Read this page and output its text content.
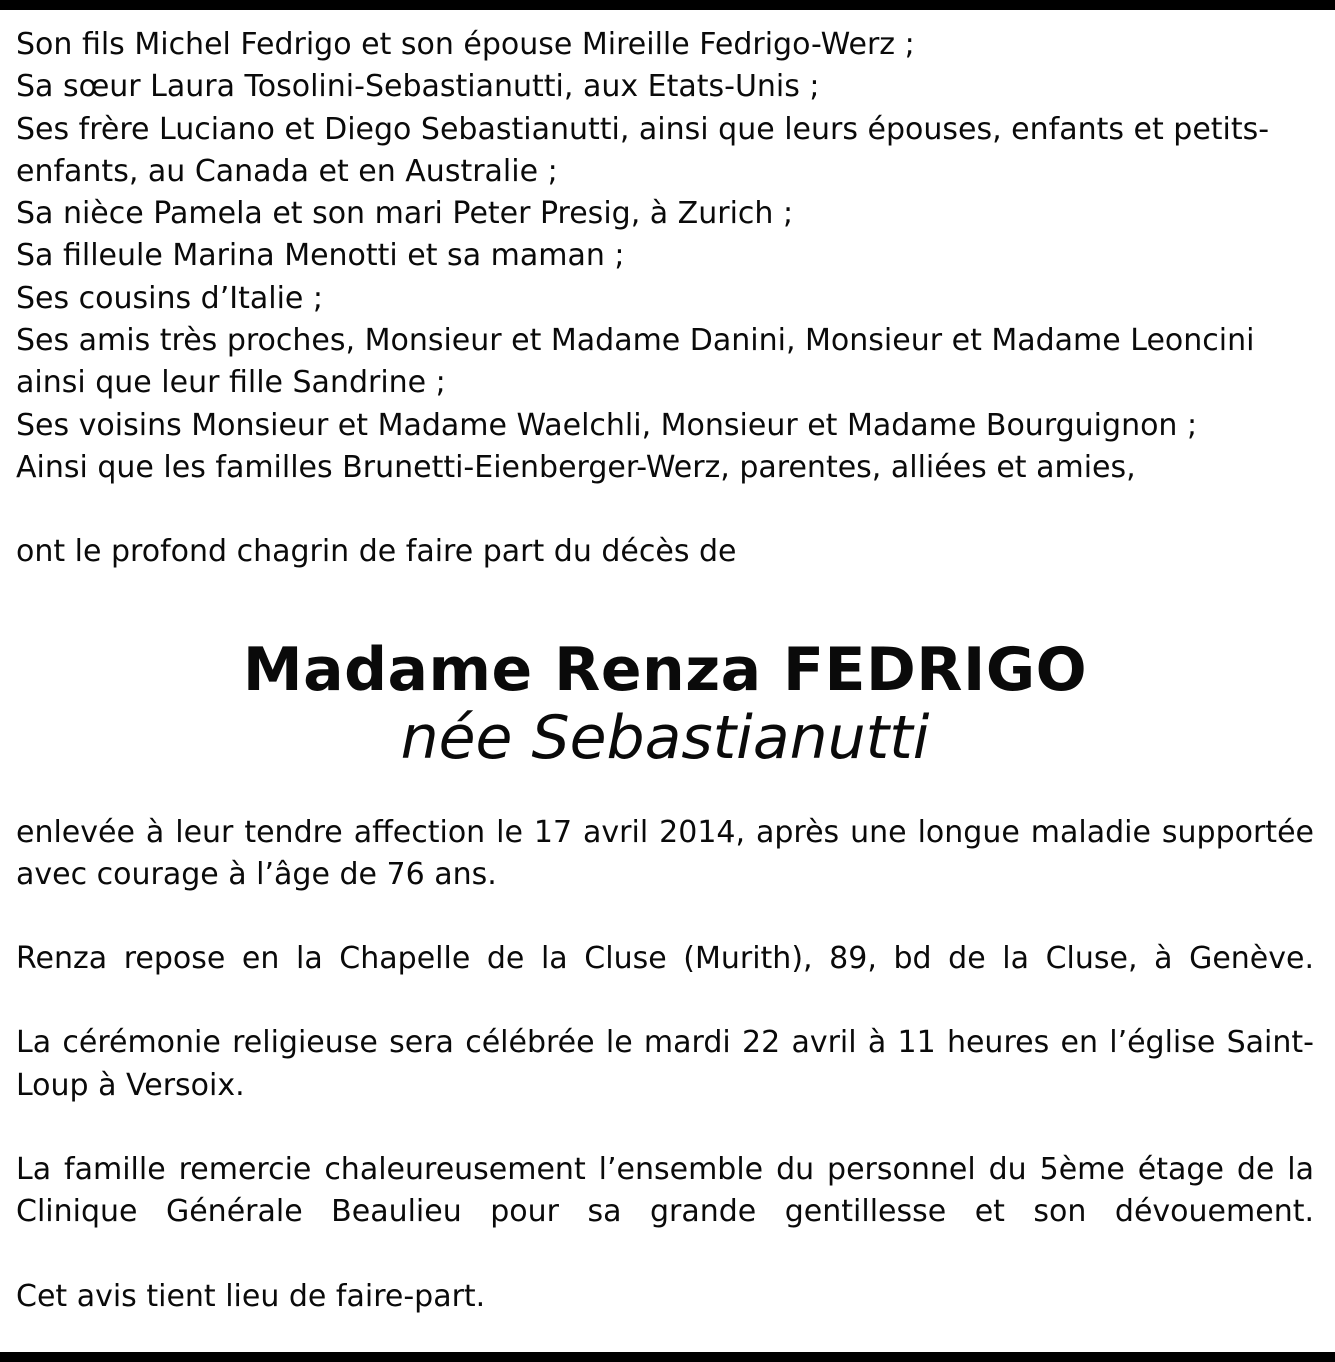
Son fils Michel Fedrigo et son épouse Mireille Fedrigo-Werz ;

Sa sœur Laura Tosolini-Sebastianutti, aux Etats-Unis ;

Ses frère Luciano et Diego Sebastianutti, ainsi que leurs épouses, enfants et petits-

enfants, au Canada et en Australie ;

Sa nièce Pamela et son mari Peter Presig, à Zurich ;

Sa filleule Marina Menotti et sa maman ;

Ses cousins d’Italie ;

Ses amis très proches, Monsieur et Madame Danini, Monsieur et Madame Leoncini

ainsi que leur fille Sandrine ;

Ses voisins Monsieur et Madame Waelchli, Monsieur et Madame Bourguignon ;

Ainsi que les familles Brunetti-Eienberger-Werz, parentes, alliées et amies,

ont le profond chagrin de faire part du décès de

Madame Renza FEDRIGO

née Sebastianutti

enlevée à leur tendre affection le 17 avril 2014, après une longue maladie supportée

avec courage à l’âge de 76 ans.

Renza repose en la Chapelle de la Cluse (Murith), 89, bd de la Cluse, à Genève.

La cérémonie religieuse sera célébrée le mardi 22 avril à 11 heures en l’église Saint-

Loup à Versoix.

La famille remercie chaleureusement l’ensemble du personnel du 5ème étage de la

Clinique Générale Beaulieu pour sa grande gentillesse et son dévouement.

Cet avis tient lieu de faire-part.
